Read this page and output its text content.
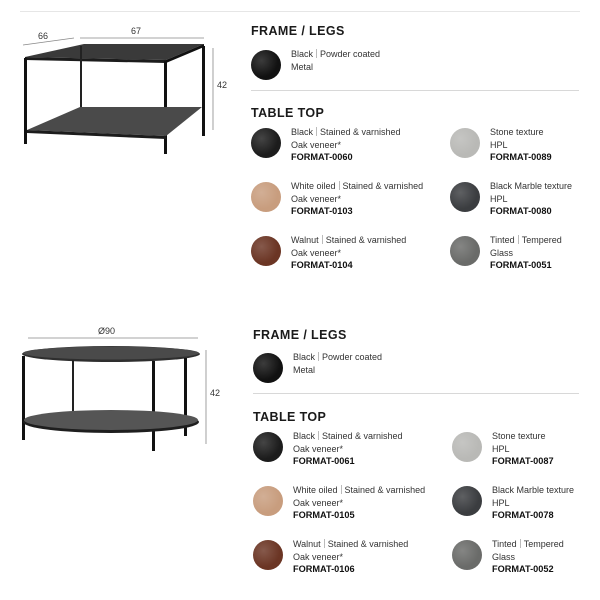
66	67
42
FRAME / LEGS
Black Powder coated
Metal
TABLE TOP
Black Stained & varnished
Oak veneer*
FORMAT-0060
Stone texture
HPL
FORMAT-0089
White oiled Stained & varnished
Oak veneer*
FORMAT-0103
Black Marble texture
HPL
FORMAT-0080
Walnut Stained & varnished
Oak veneer*
FORMAT-0104
Tinted Tempered
Glass
FORMAT-0051
Ø90
42
FRAME / LEGS
Black Powder coated
Metal
TABLE TOP
Black Stained & varnished
Oak veneer*
FORMAT-0061
Stone texture
HPL
FORMAT-0087
White oiled Stained & varnished
Oak veneer*
FORMAT-0105
Black Marble texture
HPL
FORMAT-0078
Walnut Stained & varnished
Oak veneer*
FORMAT-0106
Tinted Tempered
Glass
FORMAT-0052
